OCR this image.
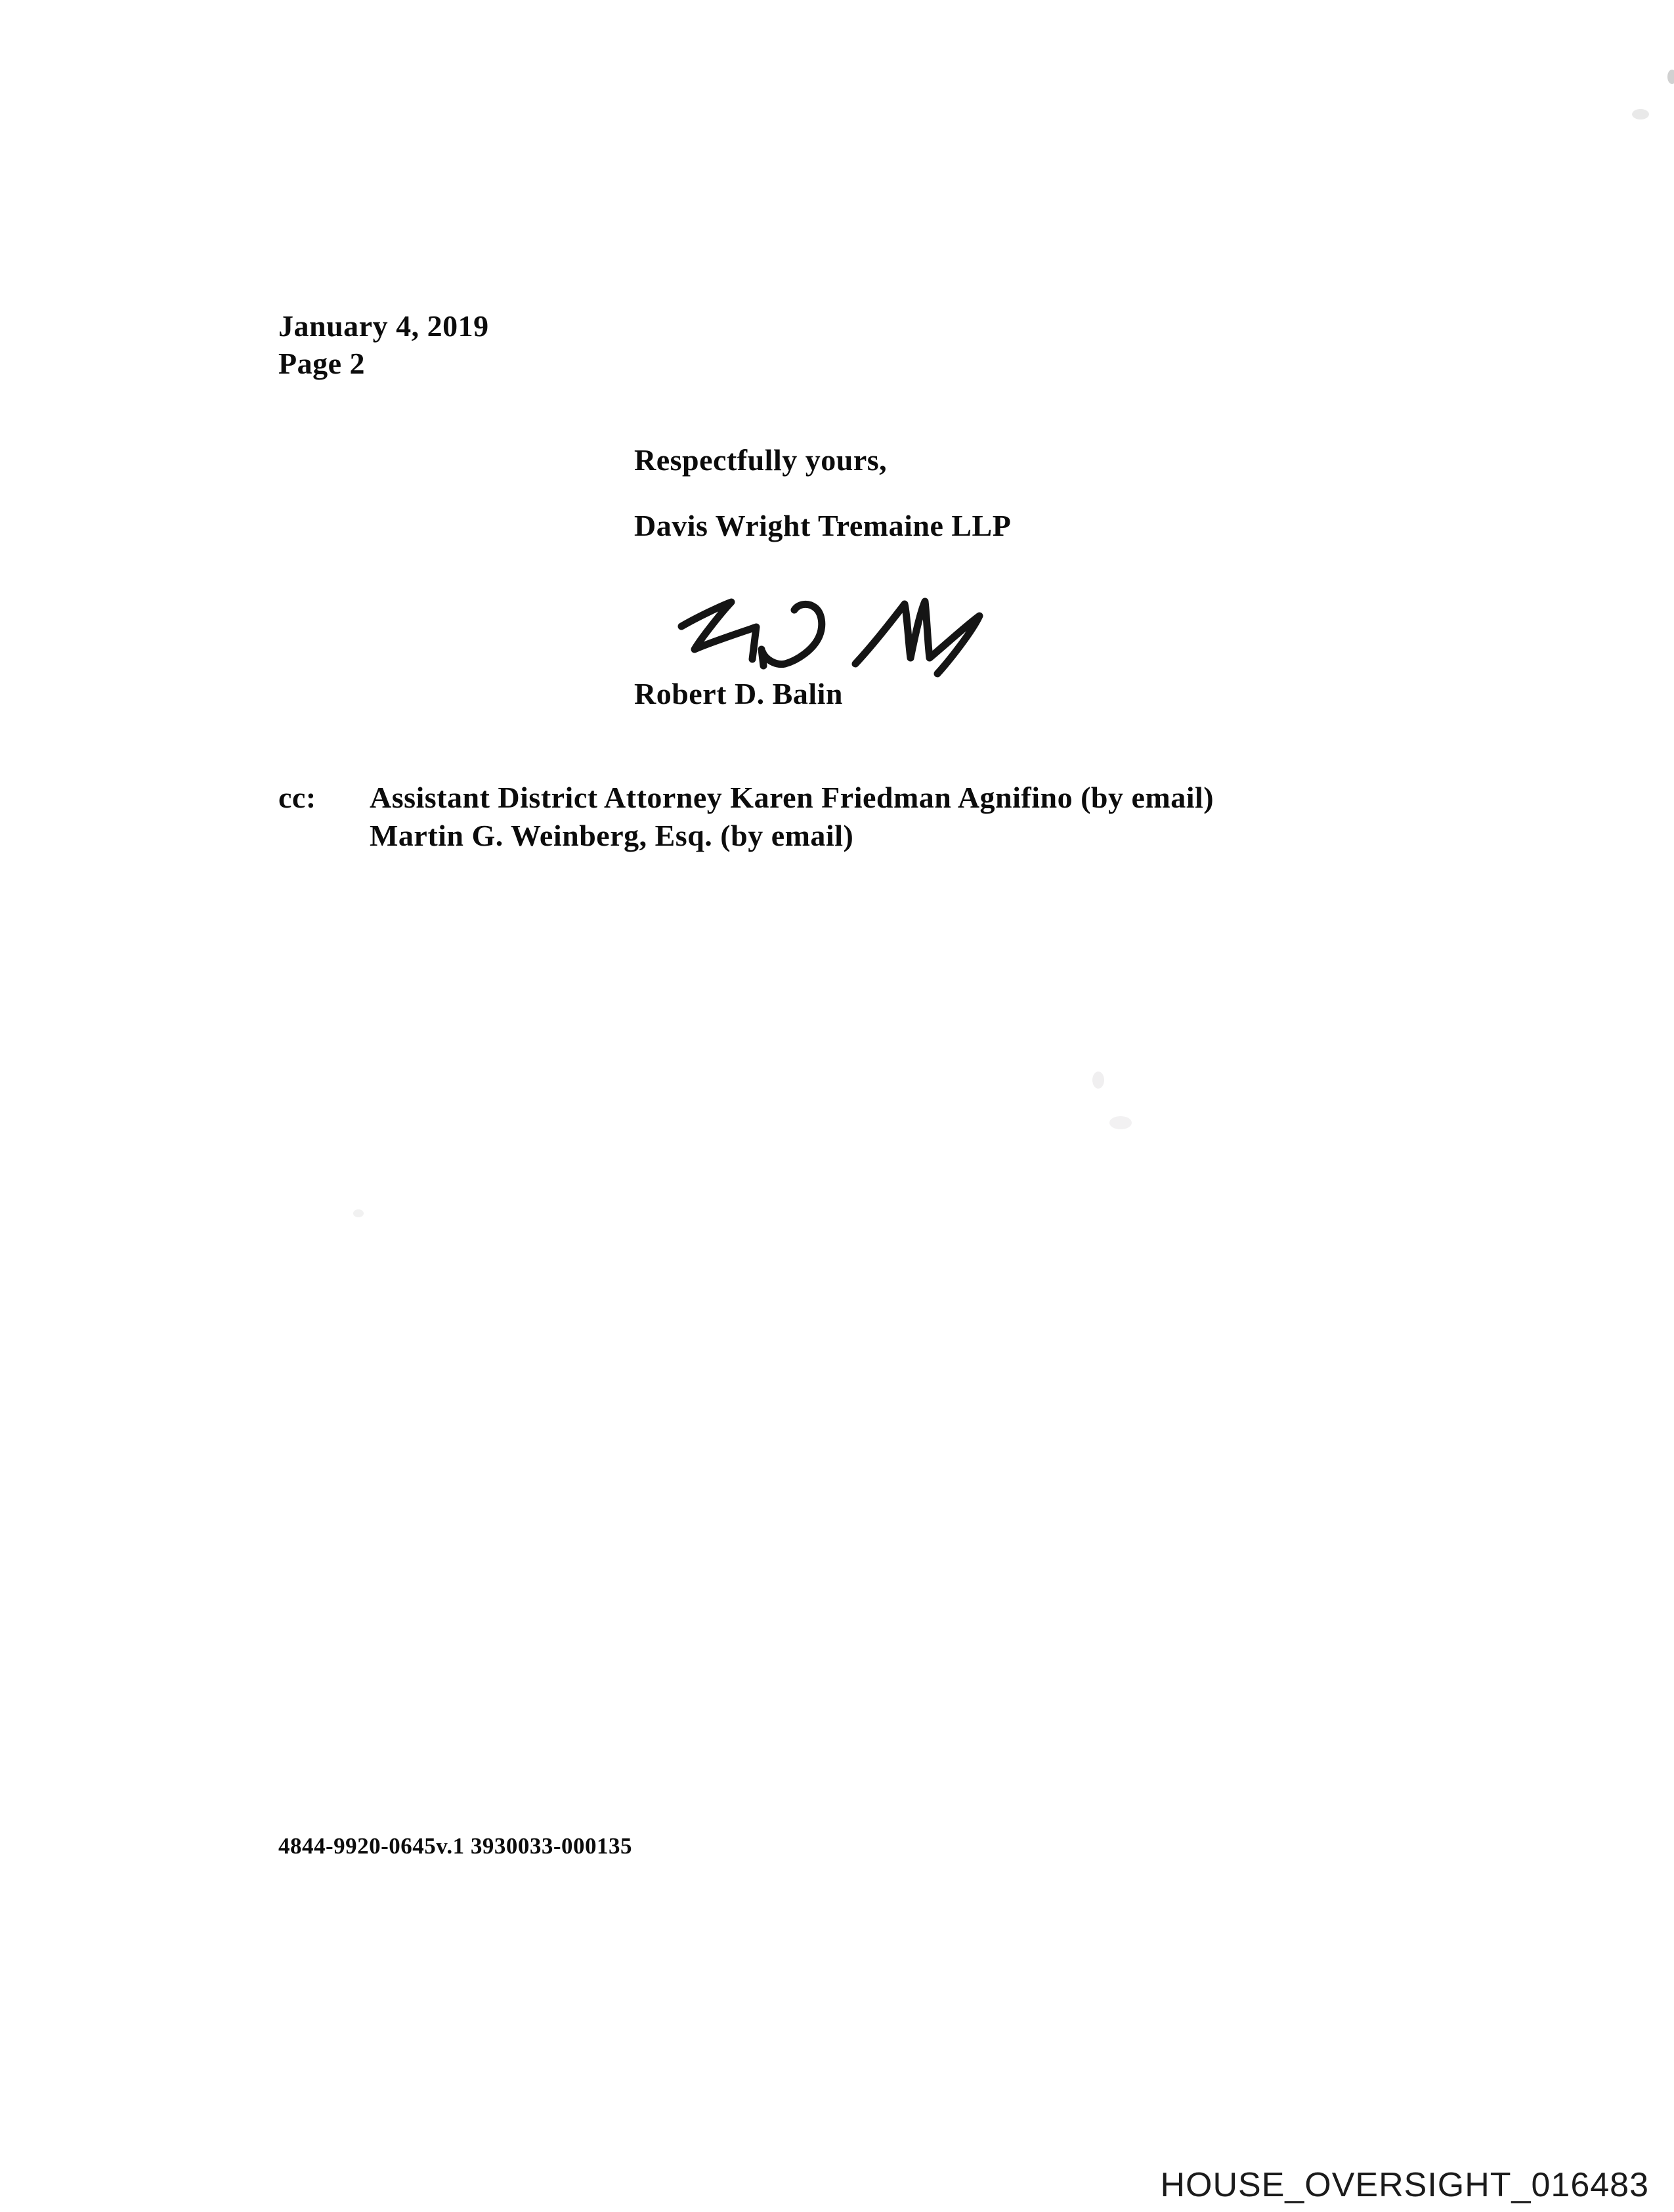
January 4, 2019
Page 2
Respectfully yours,
Davis Wright Tremaine LLP
Robert D. Balin
cc:	Assistant District Attorney Karen Friedman Agnifino (by email)
Martin G. Weinberg, Esq. (by email)
4844-9920-0645v.1 3930033-000135
HOUSE_OVERSIGHT_016483
